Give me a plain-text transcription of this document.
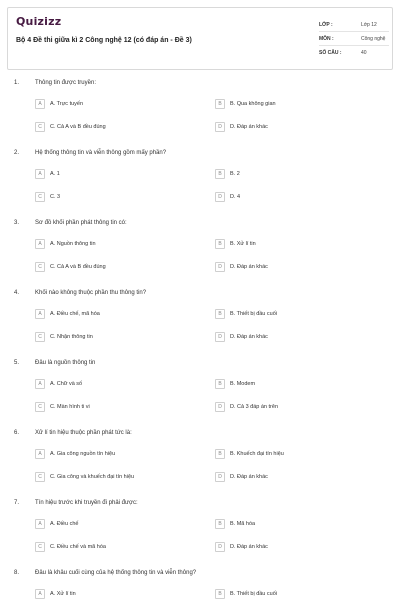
Quizizz
Bộ 4 Đề thi giữa kì 2 Công nghệ 12 (có đáp án - Đề 3)
LỚP :	Lớp 12
MÔN :	Công nghệ
SỐ CÂU :	40
1.	Thông tin được truyền:
A	A. Trực tuyến	B	B. Qua không gian
C	C. Cả A và B đều đúng	D	D. Đáp án khác
2.	Hệ thống thông tin và viễn thông gồm mấy phần?
A	A. 1	B	B. 2
C	C. 3	D	D. 4
3.	Sơ đồ khối phần phát thông tin có:
A	A. Nguồn thông tin	B	B. Xử lí tin
C	C. Cả A và B đều đúng	D	D. Đáp án khác
4.	Khối nào không thuộc phần thu thông tin?
A	A. Điều chế, mã hóa	B	B. Thiết bị đầu cuối
C	C. Nhận thông tin	D	D. Đáp án khác
5.	Đâu là nguồn thông tin
A	A. Chữ và số	B	B. Modem
C	C. Màn hình ti vi	D	D. Cả 3 đáp án trên
6.	Xử lí tin hiệu thuộc phần phát tức là:
A	A. Gia công nguồn tín hiệu	B	B. Khuếch đại tín hiệu
C	C. Gia công và khuếch đại tín hiệu	D	D. Đáp án khác
7.	Tín hiệu trước khi truyền đi phải được:
A	A. Điều chế	B	B. Mã hóa
C	C. Điều chế và mã hóa	D	D. Đáp án khác
8.	Đâu là khâu cuối cùng của hệ thống thông tin và viễn thông?
A	A. Xử lí tin	B	B. Thiết bị đầu cuối
